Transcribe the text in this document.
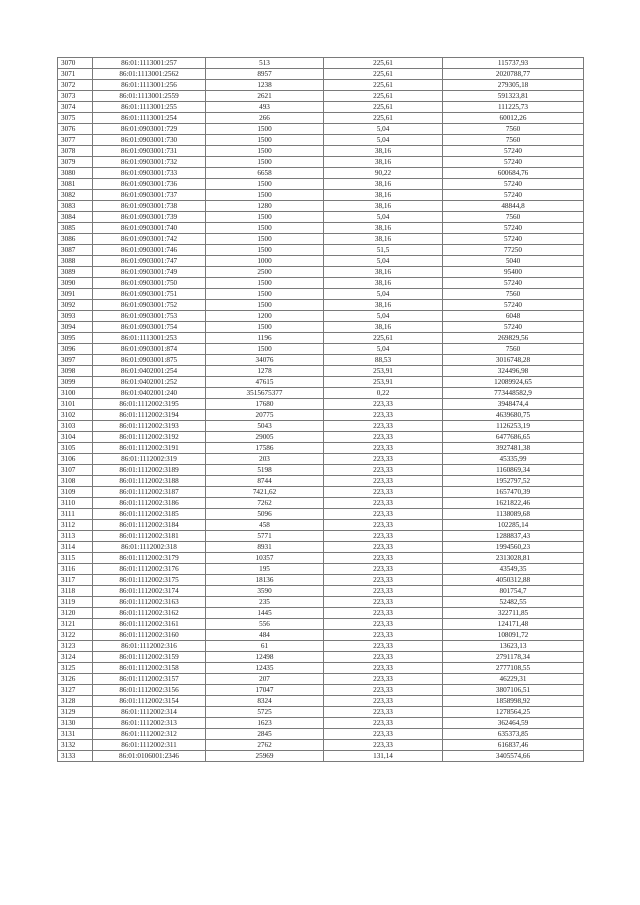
3070	86:01:1113001:257	513	225,61	115737,93
3071	86:01:1113001:2562	8957	225,61	2020788,77
3072	86:01:1113001:256	1238	225,61	279305,18
3073	86:01:1113001:2559	2621	225,61	591323,81
3074	86:01:1113001:255	493	225,61	111225,73
3075	86:01:1113001:254	266	225,61	60012,26
3076	86:01:0903001:729	1500	5,04	7560
3077	86:01:0903001:730	1500	5,04	7560
3078	86:01:0903001:731	1500	38,16	57240
3079	86:01:0903001:732	1500	38,16	57240
3080	86:01:0903001:733	6658	90,22	600684,76
3081	86:01:0903001:736	1500	38,16	57240
3082	86:01:0903001:737	1500	38,16	57240
3083	86:01:0903001:738	1280	38,16	48844,8
3084	86:01:0903001:739	1500	5,04	7560
3085	86:01:0903001:740	1500	38,16	57240
3086	86:01:0903001:742	1500	38,16	57240
3087	86:01:0903001:746	1500	51,5	77250
3088	86:01:0903001:747	1000	5,04	5040
3089	86:01:0903001:749	2500	38,16	95400
3090	86:01:0903001:750	1500	38,16	57240
3091	86:01:0903001:751	1500	5,04	7560
3092	86:01:0903001:752	1500	38,16	57240
3093	86:01:0903001:753	1200	5,04	6048
3094	86:01:0903001:754	1500	38,16	57240
3095	86:01:1113001:253	1196	225,61	269829,56
3096	86:01:0903001:874	1500	5,04	7560
3097	86:01:0903001:875	34076	88,53	3016748,28
3098	86:01:0402001:254	1278	253,91	324496,98
3099	86:01:0402001:252	47615	253,91	12089924,65
3100	86:01:0402001:240	3515675377	0,22	773448582,9
3101	86:01:1112002:3195	17680	223,33	3948474,4
3102	86:01:1112002:3194	20775	223,33	4639680,75
3103	86:01:1112002:3193	5043	223,33	1126253,19
3104	86:01:1112002:3192	29005	223,33	6477686,65
3105	86:01:1112002:3191	17586	223,33	3927481,38
3106	86:01:1112002:319	203	223,33	45335,99
3107	86:01:1112002:3189	5198	223,33	1160869,34
3108	86:01:1112002:3188	8744	223,33	1952797,52
3109	86:01:1112002:3187	7421,62	223,33	1657470,39
3110	86:01:1112002:3186	7262	223,33	1621822,46
3111	86:01:1112002:3185	5096	223,33	1138089,68
3112	86:01:1112002:3184	458	223,33	102285,14
3113	86:01:1112002:3181	5771	223,33	1288837,43
3114	86:01:1112002:318	8931	223,33	1994560,23
3115	86:01:1112002:3179	10357	223,33	2313028,81
3116	86:01:1112002:3176	195	223,33	43549,35
3117	86:01:1112002:3175	18136	223,33	4050312,88
3118	86:01:1112002:3174	3590	223,33	801754,7
3119	86:01:1112002:3163	235	223,33	52482,55
3120	86:01:1112002:3162	1445	223,33	322711,85
3121	86:01:1112002:3161	556	223,33	124171,48
3122	86:01:1112002:3160	484	223,33	108091,72
3123	86:01:1112002:316	61	223,33	13623,13
3124	86:01:1112002:3159	12498	223,33	2791178,34
3125	86:01:1112002:3158	12435	223,33	2777108,55
3126	86:01:1112002:3157	207	223,33	46229,31
3127	86:01:1112002:3156	17047	223,33	3807106,51
3128	86:01:1112002:3154	8324	223,33	1858998,92
3129	86:01:1112002:314	5725	223,33	1278564,25
3130	86:01:1112002:313	1623	223,33	362464,59
3131	86:01:1112002:312	2845	223,33	635373,85
3132	86:01:1112002:311	2762	223,33	616837,46
3133	86:01:0106001:2346	25969	131,14	3405574,66
